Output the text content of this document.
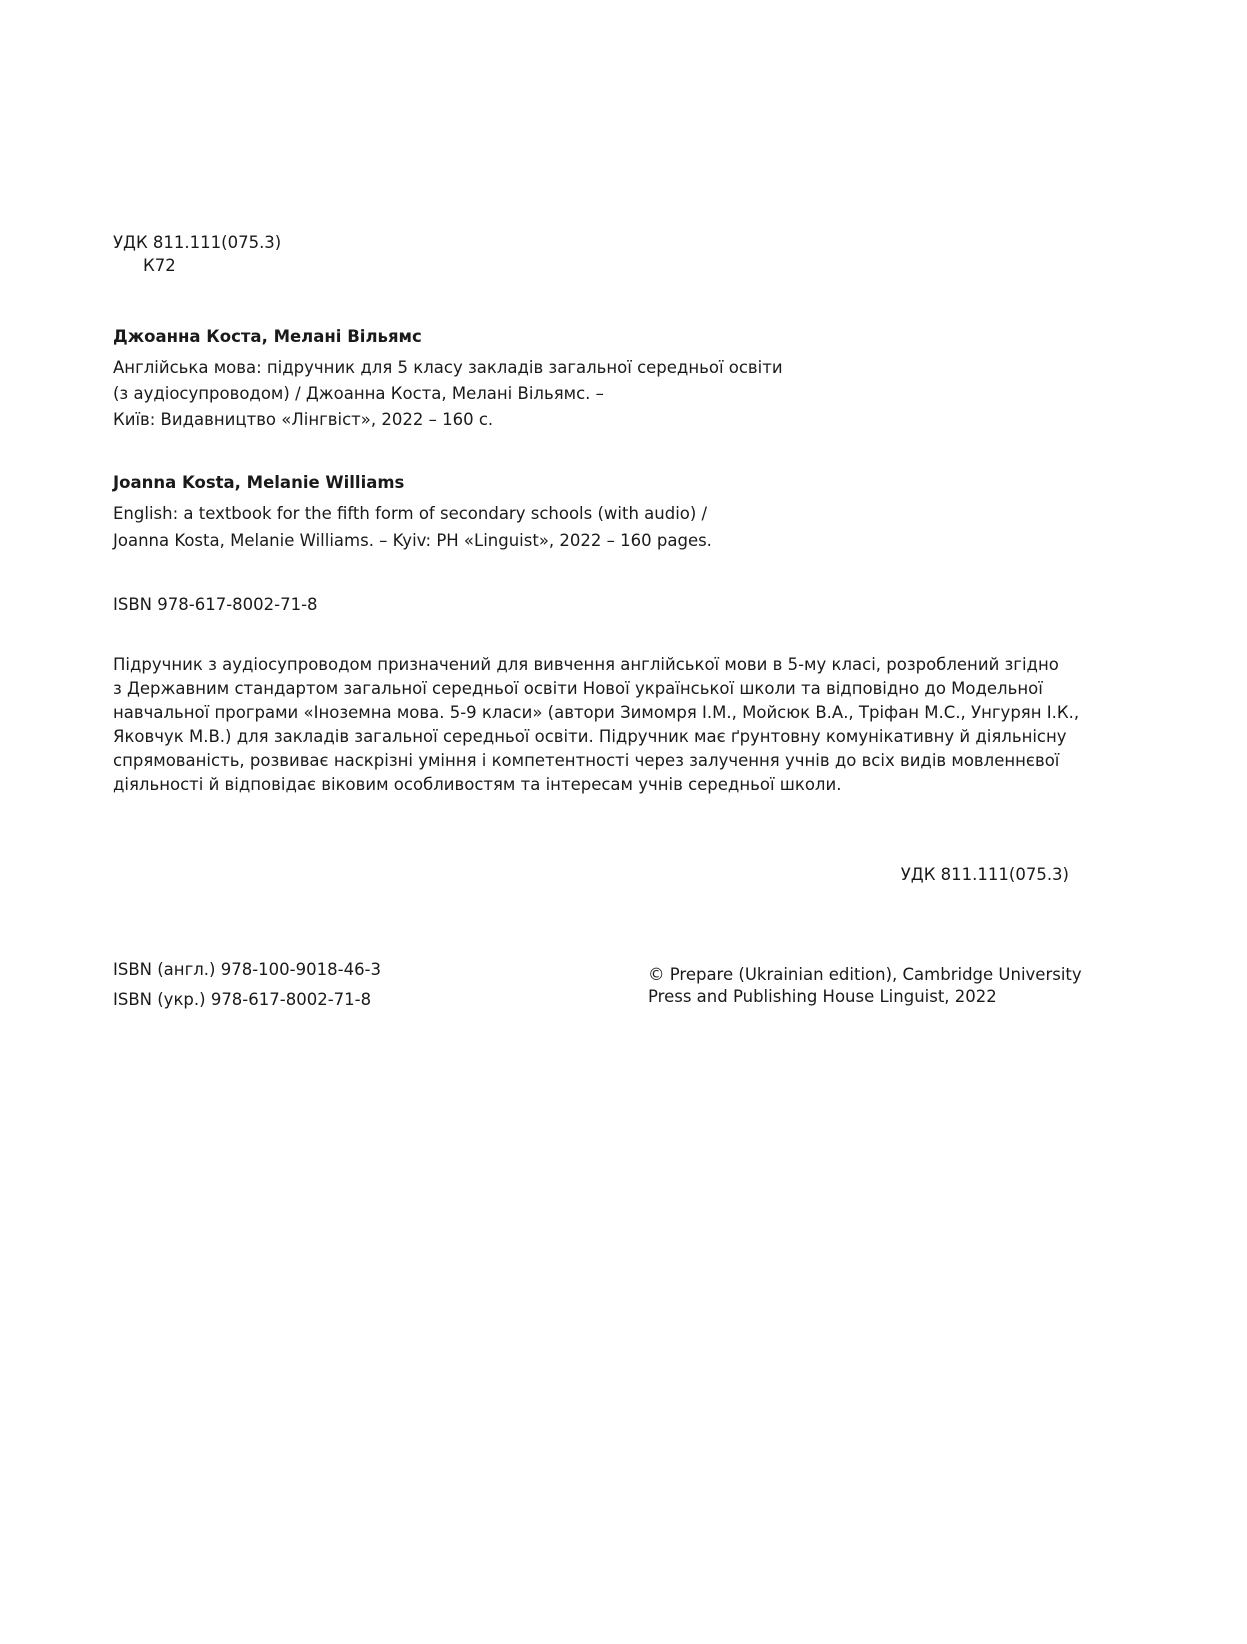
УДК 811.111(075.3)
К72
Джоанна Коста, Мелані Вільямс
Англійська мова: підручник для 5 класу закладів загальної середньої освіти
(з аудіосупроводом) / Джоанна Коста, Мелані Вільямс. –
Київ: Видавництво «Лінгвіст», 2022 – 160 с.
Joanna Kosta, Melanie Williams
English: a textbook for the fifth form of secondary schools (with audio) /
Joanna Kosta, Melanie Williams. – Kyiv: PH «Linguist», 2022 – 160 pages.
ISBN 978-617-8002-71-8
Підручник з аудіосупроводом призначений для вивчення англійської мови в 5-му класі, розроблений згідно
з Державним стандартом загальної середньої освіти Нової української школи та відповідно до Модельної
навчальної програми «Іноземна мова. 5-9 класи» (автори Зимомря І.М., Мойсюк В.А., Тріфан М.С., Унгурян І.К.,
Яковчук М.В.) для закладів загальної середньої освіти. Підручник має ґрунтовну комунікативну й діяльнісну
спрямованість, розвиває наскрізні уміння і компетентності через залучення учнів до всіх видів мовленнєвої
діяльності й відповідає віковим особливостям та інтересам учнів середньої школи.
УДК 811.111(075.3)
ISBN (англ.) 978-100-9018-46-3
ISBN (укр.) 978-617-8002-71-8
© Prepare (Ukrainian edition), Cambridge University
Press and Publishing House Linguist, 2022
